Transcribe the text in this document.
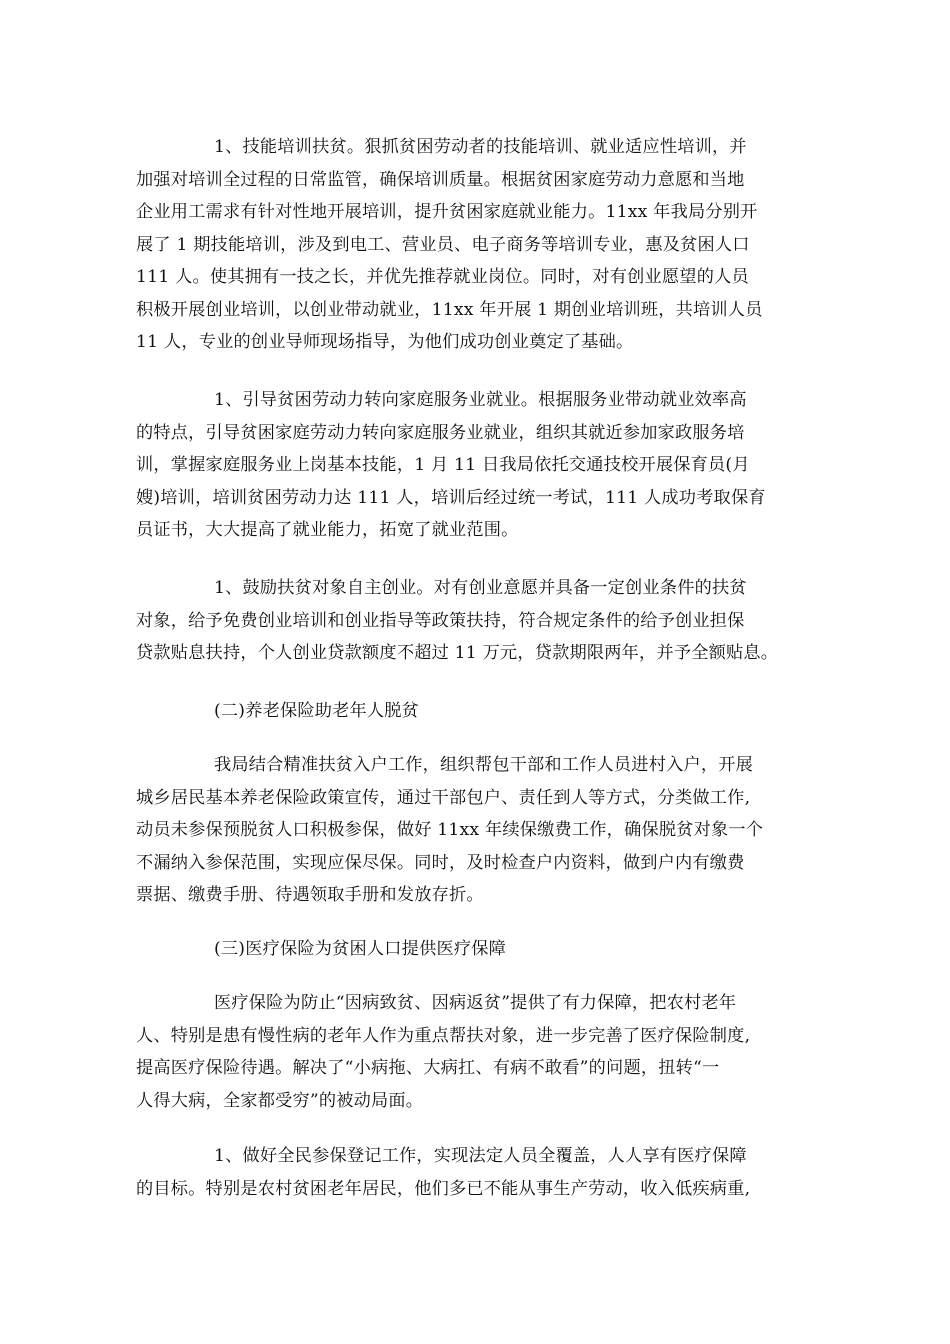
1、技能培训扶贫。狠抓贫困劳动者的技能培训、就业适应性培训，并
加强对培训全过程的日常监管，确保培训质量。根据贫困家庭劳动力意愿和当地
企业用工需求有针对性地开展培训，提升贫困家庭就业能力。11xx 年我局分别开
展了 1 期技能培训，涉及到电工、营业员、电子商务等培训专业，惠及贫困人口
111 人。使其拥有一技之长，并优先推荐就业岗位。同时，对有创业愿望的人员
积极开展创业培训，以创业带动就业，11xx 年开展 1 期创业培训班，共培训人员
11 人，专业的创业导师现场指导，为他们成功创业奠定了基础。
1、引导贫困劳动力转向家庭服务业就业。根据服务业带动就业效率高
的特点，引导贫困家庭劳动力转向家庭服务业就业，组织其就近参加家政服务培
训，掌握家庭服务业上岗基本技能，1 月 11 日我局依托交通技校开展保育员(月
嫂)培训，培训贫困劳动力达 111 人，培训后经过统一考试，111 人成功考取保育
员证书，大大提高了就业能力，拓宽了就业范围。
1、鼓励扶贫对象自主创业。对有创业意愿并具备一定创业条件的扶贫
对象，给予免费创业培训和创业指导等政策扶持，符合规定条件的给予创业担保
贷款贴息扶持，个人创业贷款额度不超过 11 万元，贷款期限两年，并予全额贴息。
(二)养老保险助老年人脱贫
我局结合精准扶贫入户工作，组织帮包干部和工作人员进村入户，开展
城乡居民基本养老保险政策宣传，通过干部包户、责任到人等方式，分类做工作,
动员未参保预脱贫人口积极参保，做好 11xx 年续保缴费工作，确保脱贫对象一个
不漏纳入参保范围，实现应保尽保。同时，及时检查户内资料，做到户内有缴费
票据、缴费手册、待遇领取手册和发放存折。
(三)医疗保险为贫困人口提供医疗保障
医疗保险为防止“因病致贫、因病返贫”提供了有力保障，把农村老年
人、特别是患有慢性病的老年人作为重点帮扶对象，进一步完善了医疗保险制度,
提高医疗保险待遇。解决了“小病拖、大病扛、有病不敢看”的问题，扭转“一
人得大病，全家都受穷”的被动局面。
1、做好全民参保登记工作，实现法定人员全覆盖，人人享有医疗保障
的目标。特别是农村贫困老年居民，他们多已不能从事生产劳动，收入低疾病重,
